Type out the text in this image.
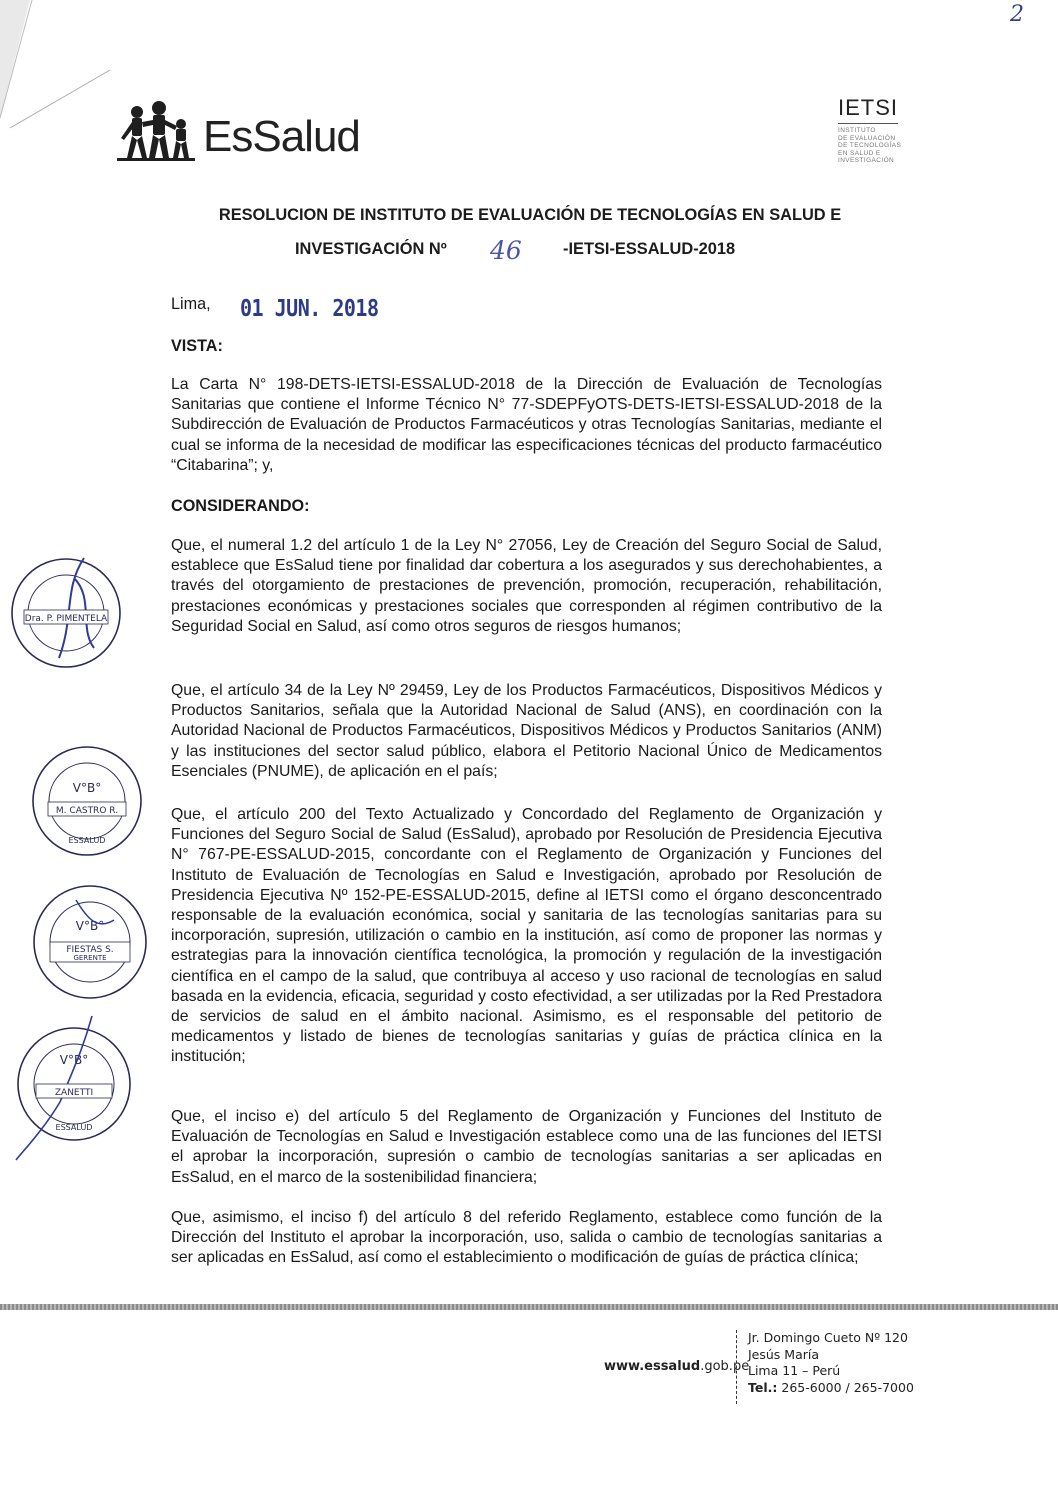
2
EsSalud
IETSI
INSTITUTO
DE EVALUACIÓN
DE TECNOLOGÍAS
EN SALUD E
INVESTIGACIÓN
RESOLUCION DE INSTITUTO DE EVALUACIÓN DE TECNOLOGÍAS EN SALUD E
INVESTIGACIÓN Nº 46	-IETSI-ESSALUD-2018
Lima, 01 JUN. 2018
VISTA:

La Carta N° 198-DETS-IETSI-ESSALUD-2018 de la Dirección de Evaluación de Tecnologías Sanitarias que contiene el Informe Técnico N° 77-SDEPFyOTS-DETS-IETSI-ESSALUD-2018 de la Subdirección de Evaluación de Productos Farmacéuticos y otras Tecnologías Sanitarias, mediante el cual se informa de la necesidad de modificar las especificaciones técnicas del producto farmacéutico “Citabarina”; y,

CONSIDERANDO:

Que, el numeral 1.2 del artículo 1 de la Ley N° 27056, Ley de Creación del Seguro Social de Salud, establece que EsSalud tiene por finalidad dar cobertura a los asegurados y sus derechohabientes, a través del otorgamiento de prestaciones de prevención, promoción, recuperación, rehabilitación, prestaciones económicas y prestaciones sociales que corresponden al régimen contributivo de la Seguridad Social en Salud, así como otros seguros de riesgos humanos;

Que, el artículo 34 de la Ley Nº 29459, Ley de los Productos Farmacéuticos, Dispositivos Médicos y Productos Sanitarios, señala que la Autoridad Nacional de Salud (ANS), en coordinación con la Autoridad Nacional de Productos Farmacéuticos, Dispositivos Médicos y Productos Sanitarios (ANM) y las instituciones del sector salud público, elabora el Petitorio Nacional Único de Medicamentos Esenciales (PNUME), de aplicación en el país;

Que, el artículo 200 del Texto Actualizado y Concordado del Reglamento de Organización y Funciones del Seguro Social de Salud (EsSalud), aprobado por Resolución de Presidencia Ejecutiva N° 767-PE-ESSALUD-2015, concordante con el Reglamento de Organización y Funciones del Instituto de Evaluación de Tecnologías en Salud e Investigación, aprobado por Resolución de Presidencia Ejecutiva Nº 152-PE-ESSALUD-2015, define al IETSI como el órgano desconcentrado responsable de la evaluación económica, social y sanitaria de las tecnologías sanitarias para su incorporación, supresión, utilización o cambio en la institución, así como de proponer las normas y estrategias para la innovación científica tecnológica, la promoción y regulación de la investigación científica en el campo de la salud, que contribuya al acceso y uso racional de tecnologías en salud basada en la evidencia, eficacia, seguridad y costo efectividad, a ser utilizadas por la Red Prestadora de servicios de salud en el ámbito nacional. Asimismo, es el responsable del petitorio de medicamentos y listado de bienes de tecnologías sanitarias y guías de práctica clínica en la institución;

Que, el inciso e) del artículo 5 del Reglamento de Organización y Funciones del Instituto de Evaluación de Tecnologías en Salud e Investigación establece como una de las funciones del IETSI el aprobar la incorporación, supresión o cambio de tecnologías sanitarias a ser aplicadas en EsSalud, en el marco de la sostenibilidad financiera;

Que, asimismo, el inciso f) del artículo 8 del referido Reglamento, establece como función de la Dirección del Instituto el aprobar la incorporación, uso, salida o cambio de tecnologías sanitarias a ser aplicadas en EsSalud, así como el establecimiento o modificación de guías de práctica clínica;

Dra. P. PIMENTELA
V°B°
M. CASTRO R.
ESSALUD
V°B°
FIESTAS S.
GERENTE
V°B°
ZANETTI
ESSALUD
www.essalud.gob.pe
Jr. Domingo Cueto Nº 120
Jesús María
Lima 11 – Perú
Tel.: 265-6000 / 265-7000
